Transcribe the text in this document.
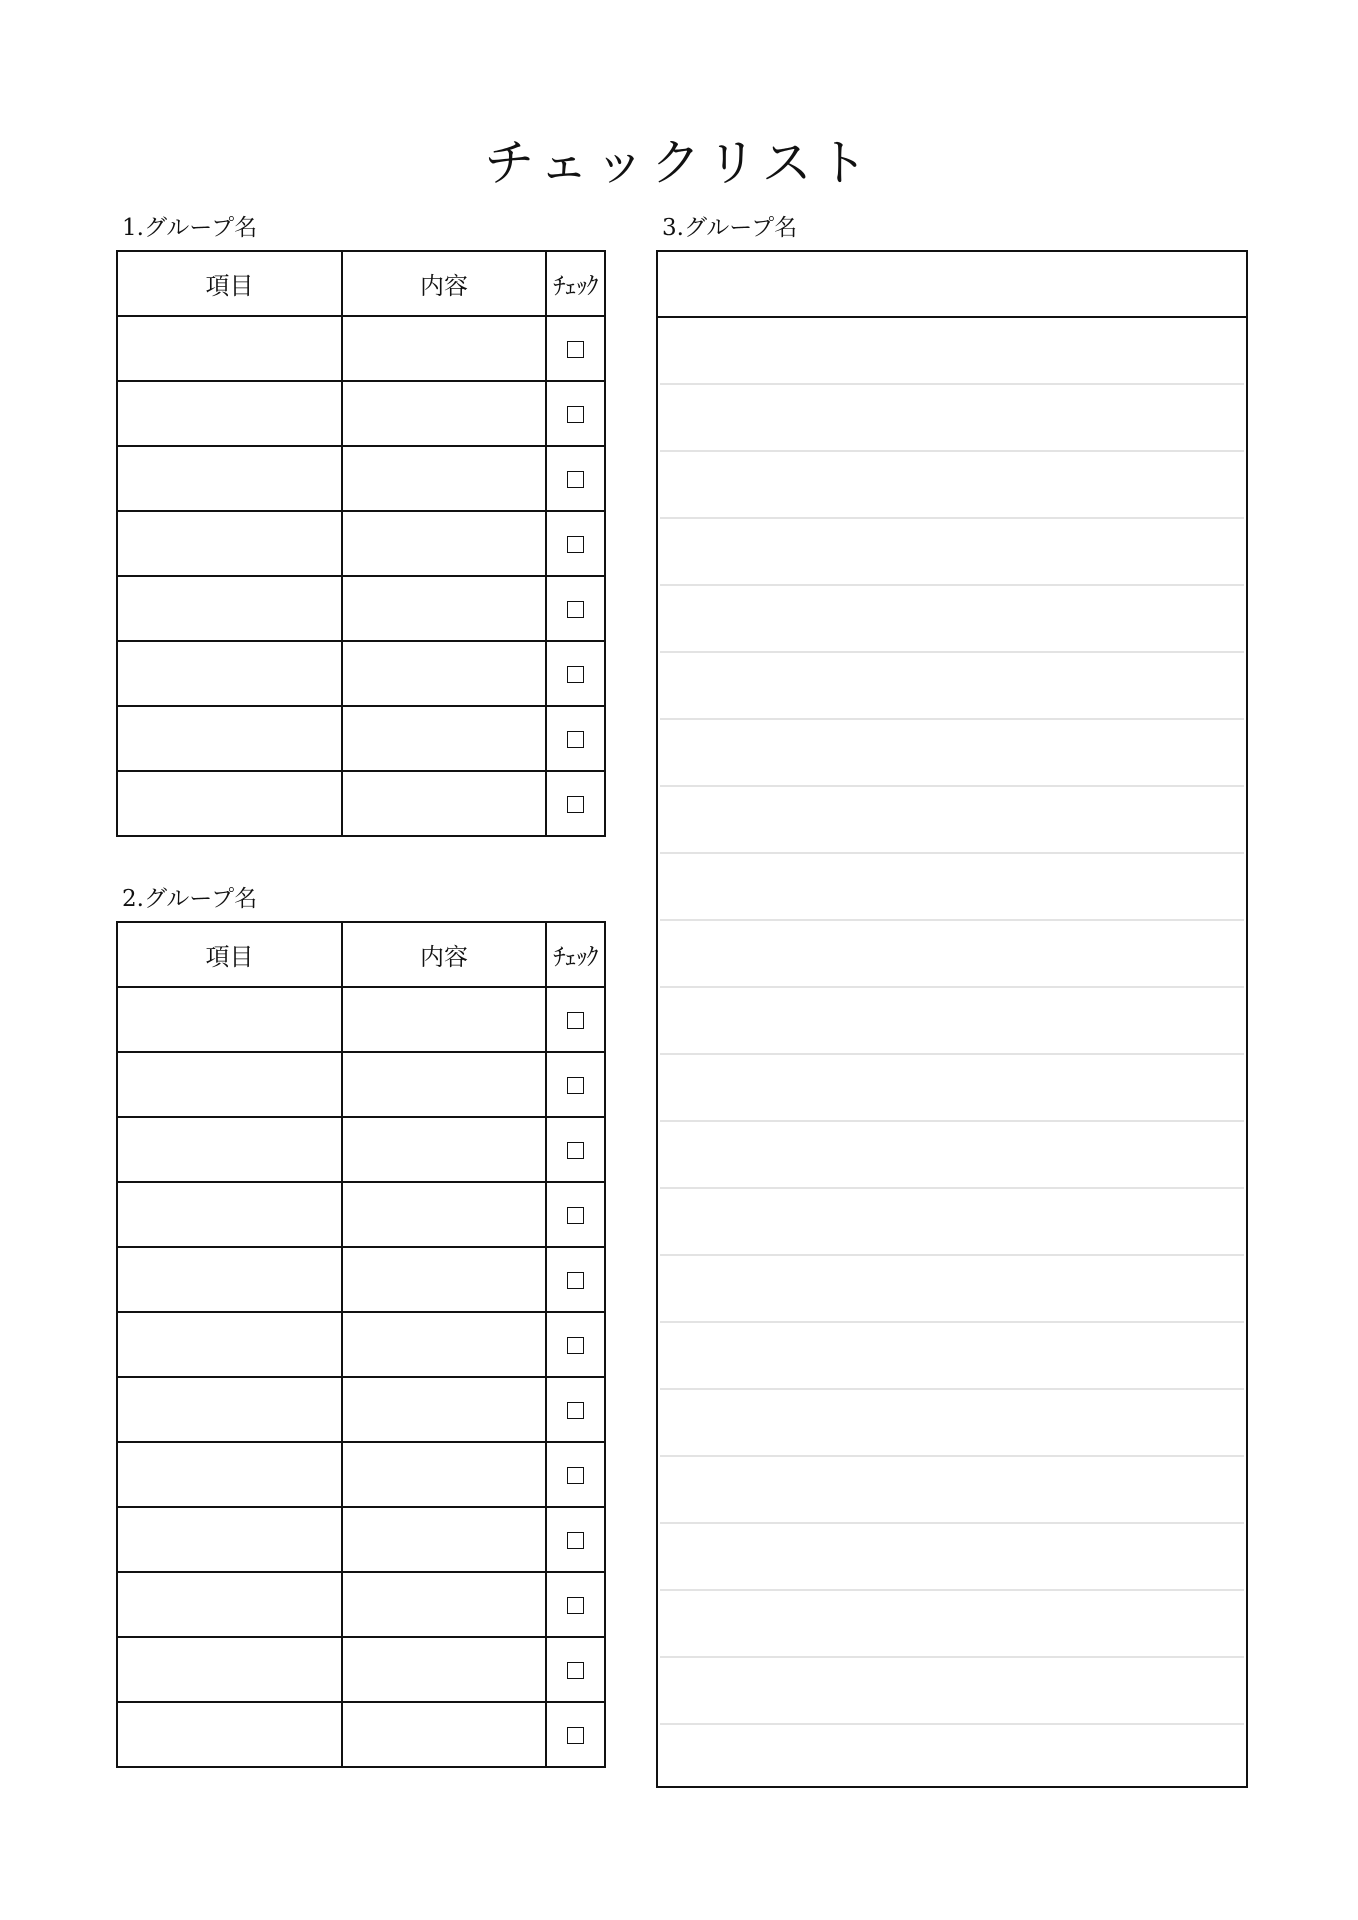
チェックリスト
1.グループ名
項目	内容	ﾁｪｯｸ

2.グループ名
項目	内容	ﾁｪｯｸ

3.グループ名
